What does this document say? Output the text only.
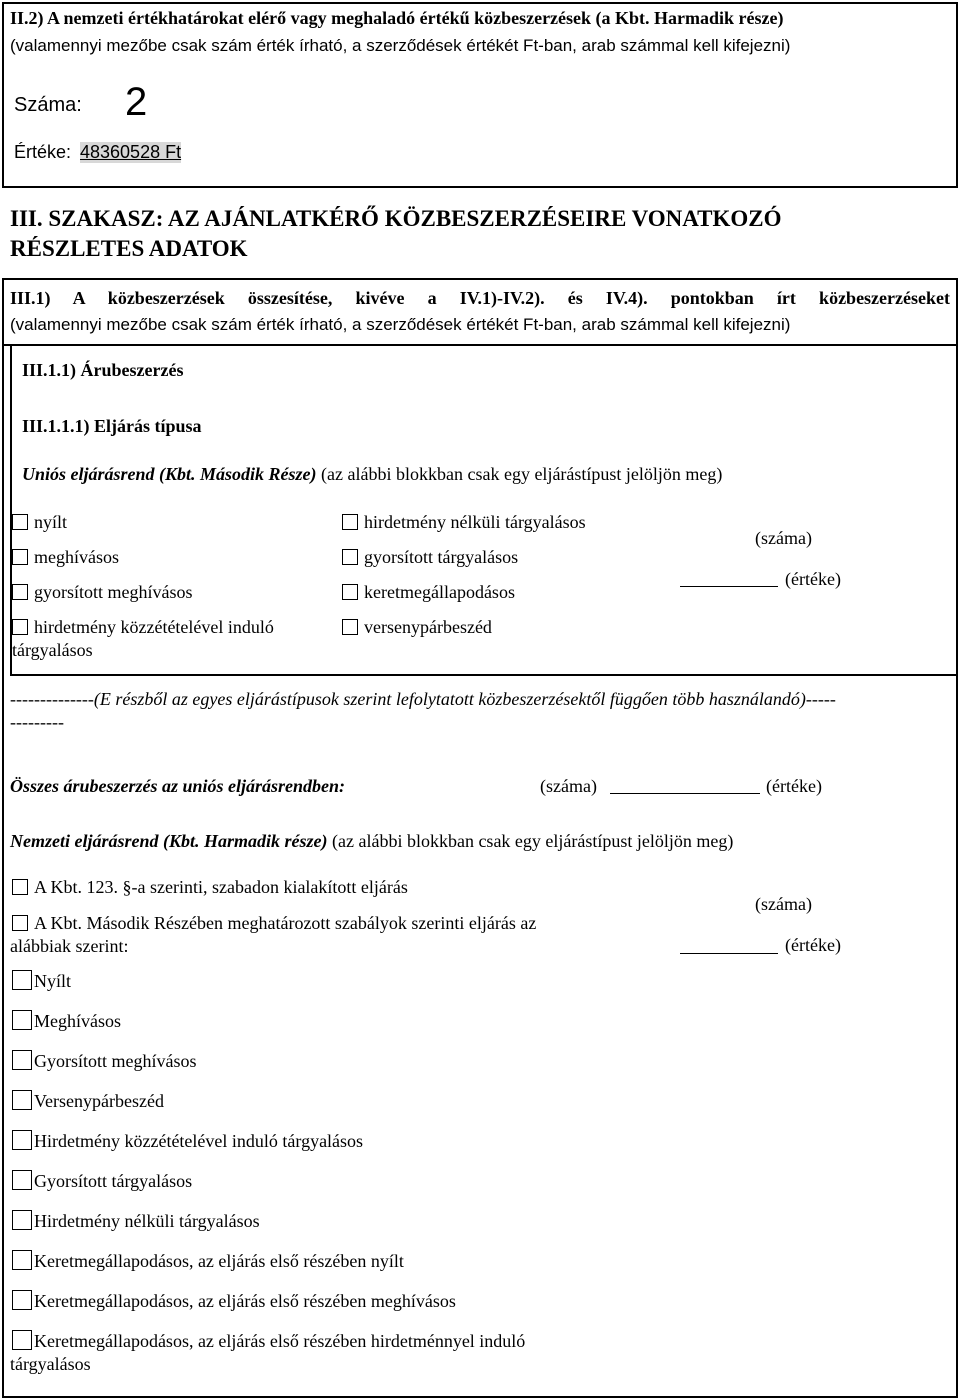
II.2) A nemzeti értékhatárokat elérő vagy meghaladó értékű közbeszerzések (a Kbt. Harmadik része)
(valamennyi mezőbe csak szám érték írható, a szerződések értékét Ft-ban, arab számmal kell kifejezni)
Száma: 2
Értéke: 48360528 Ft
III. SZAKASZ: AZ AJÁNLATKÉRŐ KÖZBESZERZÉSEIRE VONATKOZÓ
RÉSZLETES ADATOK
III.1) A közbeszerzések összesítése, kivéve a IV.1)-IV.2). és IV.4). pontokban írt közbeszerzéseket
(valamennyi mezőbe csak szám érték írható, a szerződések értékét Ft-ban, arab számmal kell kifejezni)
III.1.1) Árubeszerzés
III.1.1.1) Eljárás típusa
Uniós eljárásrend (Kbt. Második Része) (az alábbi blokkban csak egy eljárástípust jelöljön meg)
nyílt
meghívásos
gyorsított meghívásos
hirdetmény közzétételével induló
tárgyalásos
hirdetmény nélküli tárgyalásos
gyorsított tárgyalásos
keretmegállapodásos
versenypárbeszéd
(száma)
(értéke)
--------------(E részből az egyes eljárástípusok szerint lefolytatott közbeszerzésektől függően több használandó)-----
---------
Összes árubeszerzés az uniós eljárásrendben:	(száma)	(értéke)
Nemzeti eljárásrend (Kbt. Harmadik része) (az alábbi blokkban csak egy eljárástípust jelöljön meg)
A Kbt. 123. §-a szerinti, szabadon kialakított eljárás
A Kbt. Második Részében meghatározott szabályok szerinti eljárás az
alábbiak szerint:
(száma)
(értéke)
Nyílt
Meghívásos
Gyorsított meghívásos
Versenypárbeszéd
Hirdetmény közzétételével induló tárgyalásos
Gyorsított tárgyalásos
Hirdetmény nélküli tárgyalásos
Keretmegállapodásos, az eljárás első részében nyílt
Keretmegállapodásos, az eljárás első részében meghívásos
Keretmegállapodásos, az eljárás első részében hirdetménnyel induló
tárgyalásos
